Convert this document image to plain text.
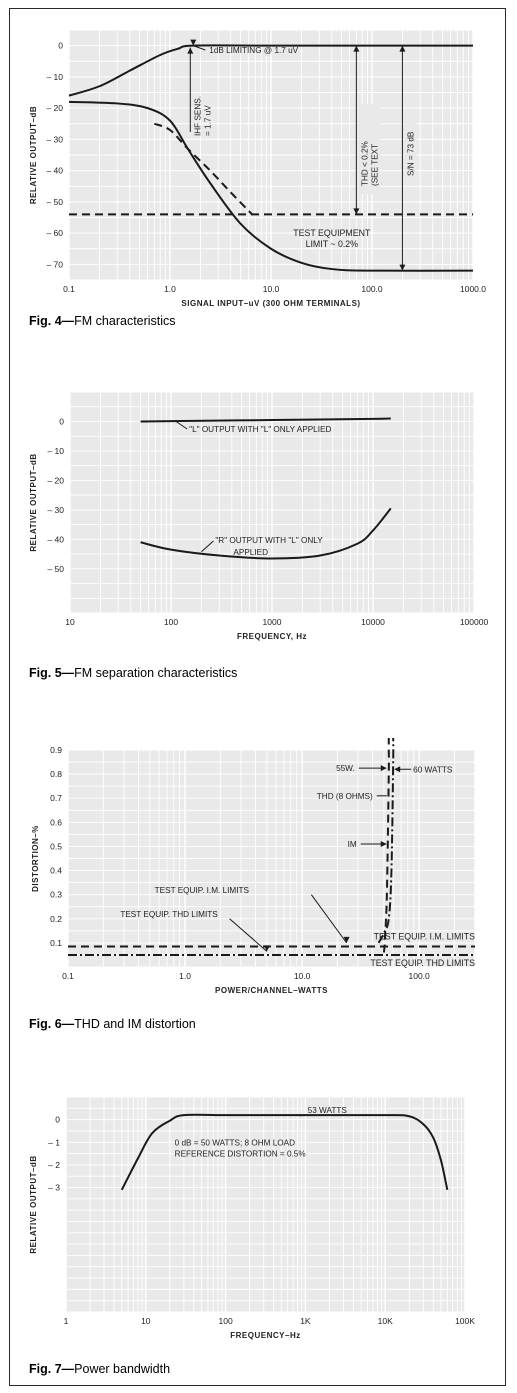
0.1	1.0	10.0	100.0	1000.0
0
– 10
– 20
– 30
– 40
– 50
– 60
– 70
SIGNAL INPUT–uV (300 OHM TERMINALS)
RELATIVE OUTPUT–dB
1dB LIMITING @ 1.7 uV
IHF SENS. = 1.7 uV
THD < 0.2% (SEE TEXT	S/N = 73 dB
TEST EQUIPMENT
LIMIT ~ 0.2%
Fig. 4—FM characteristics
10	100	1000	10000	100000
0
– 10
– 20
– 30
– 40
– 50
FREQUENCY, Hz
RELATIVE OUTPUT–dB
"L" OUTPUT WITH "L" ONLY APPLIED
"R" OUTPUT WITH "L" ONLY
APPLIED
Fig. 5—FM separation characteristics
0.1	1.0	10.0	100.0
0.9
0.8
0.7
0.6
0.5
0.4
0.3
0.2
0.1
POWER/CHANNEL–WATTS
DISTORTION–%
55W.	60 WATTS
THD (8 OHMS)
IM
TEST EQUIP. I.M. LIMITS
TEST EQUIP. THD LIMITS
TEST EQUIP. I.M. LIMITS
TEST EQUIP. THD LIMITS
Fig. 6—THD and IM distortion
1	10	100	1K	10K	100K
0
– 1
– 2
– 3
FREQUENCY–Hz
RELATIVE OUTPUT–dB
53 WATTS
0 dB = 50 WATTS; 8 OHM LOAD
REFERENCE DISTORTION = 0.5%
Fig. 7—Power bandwidth
